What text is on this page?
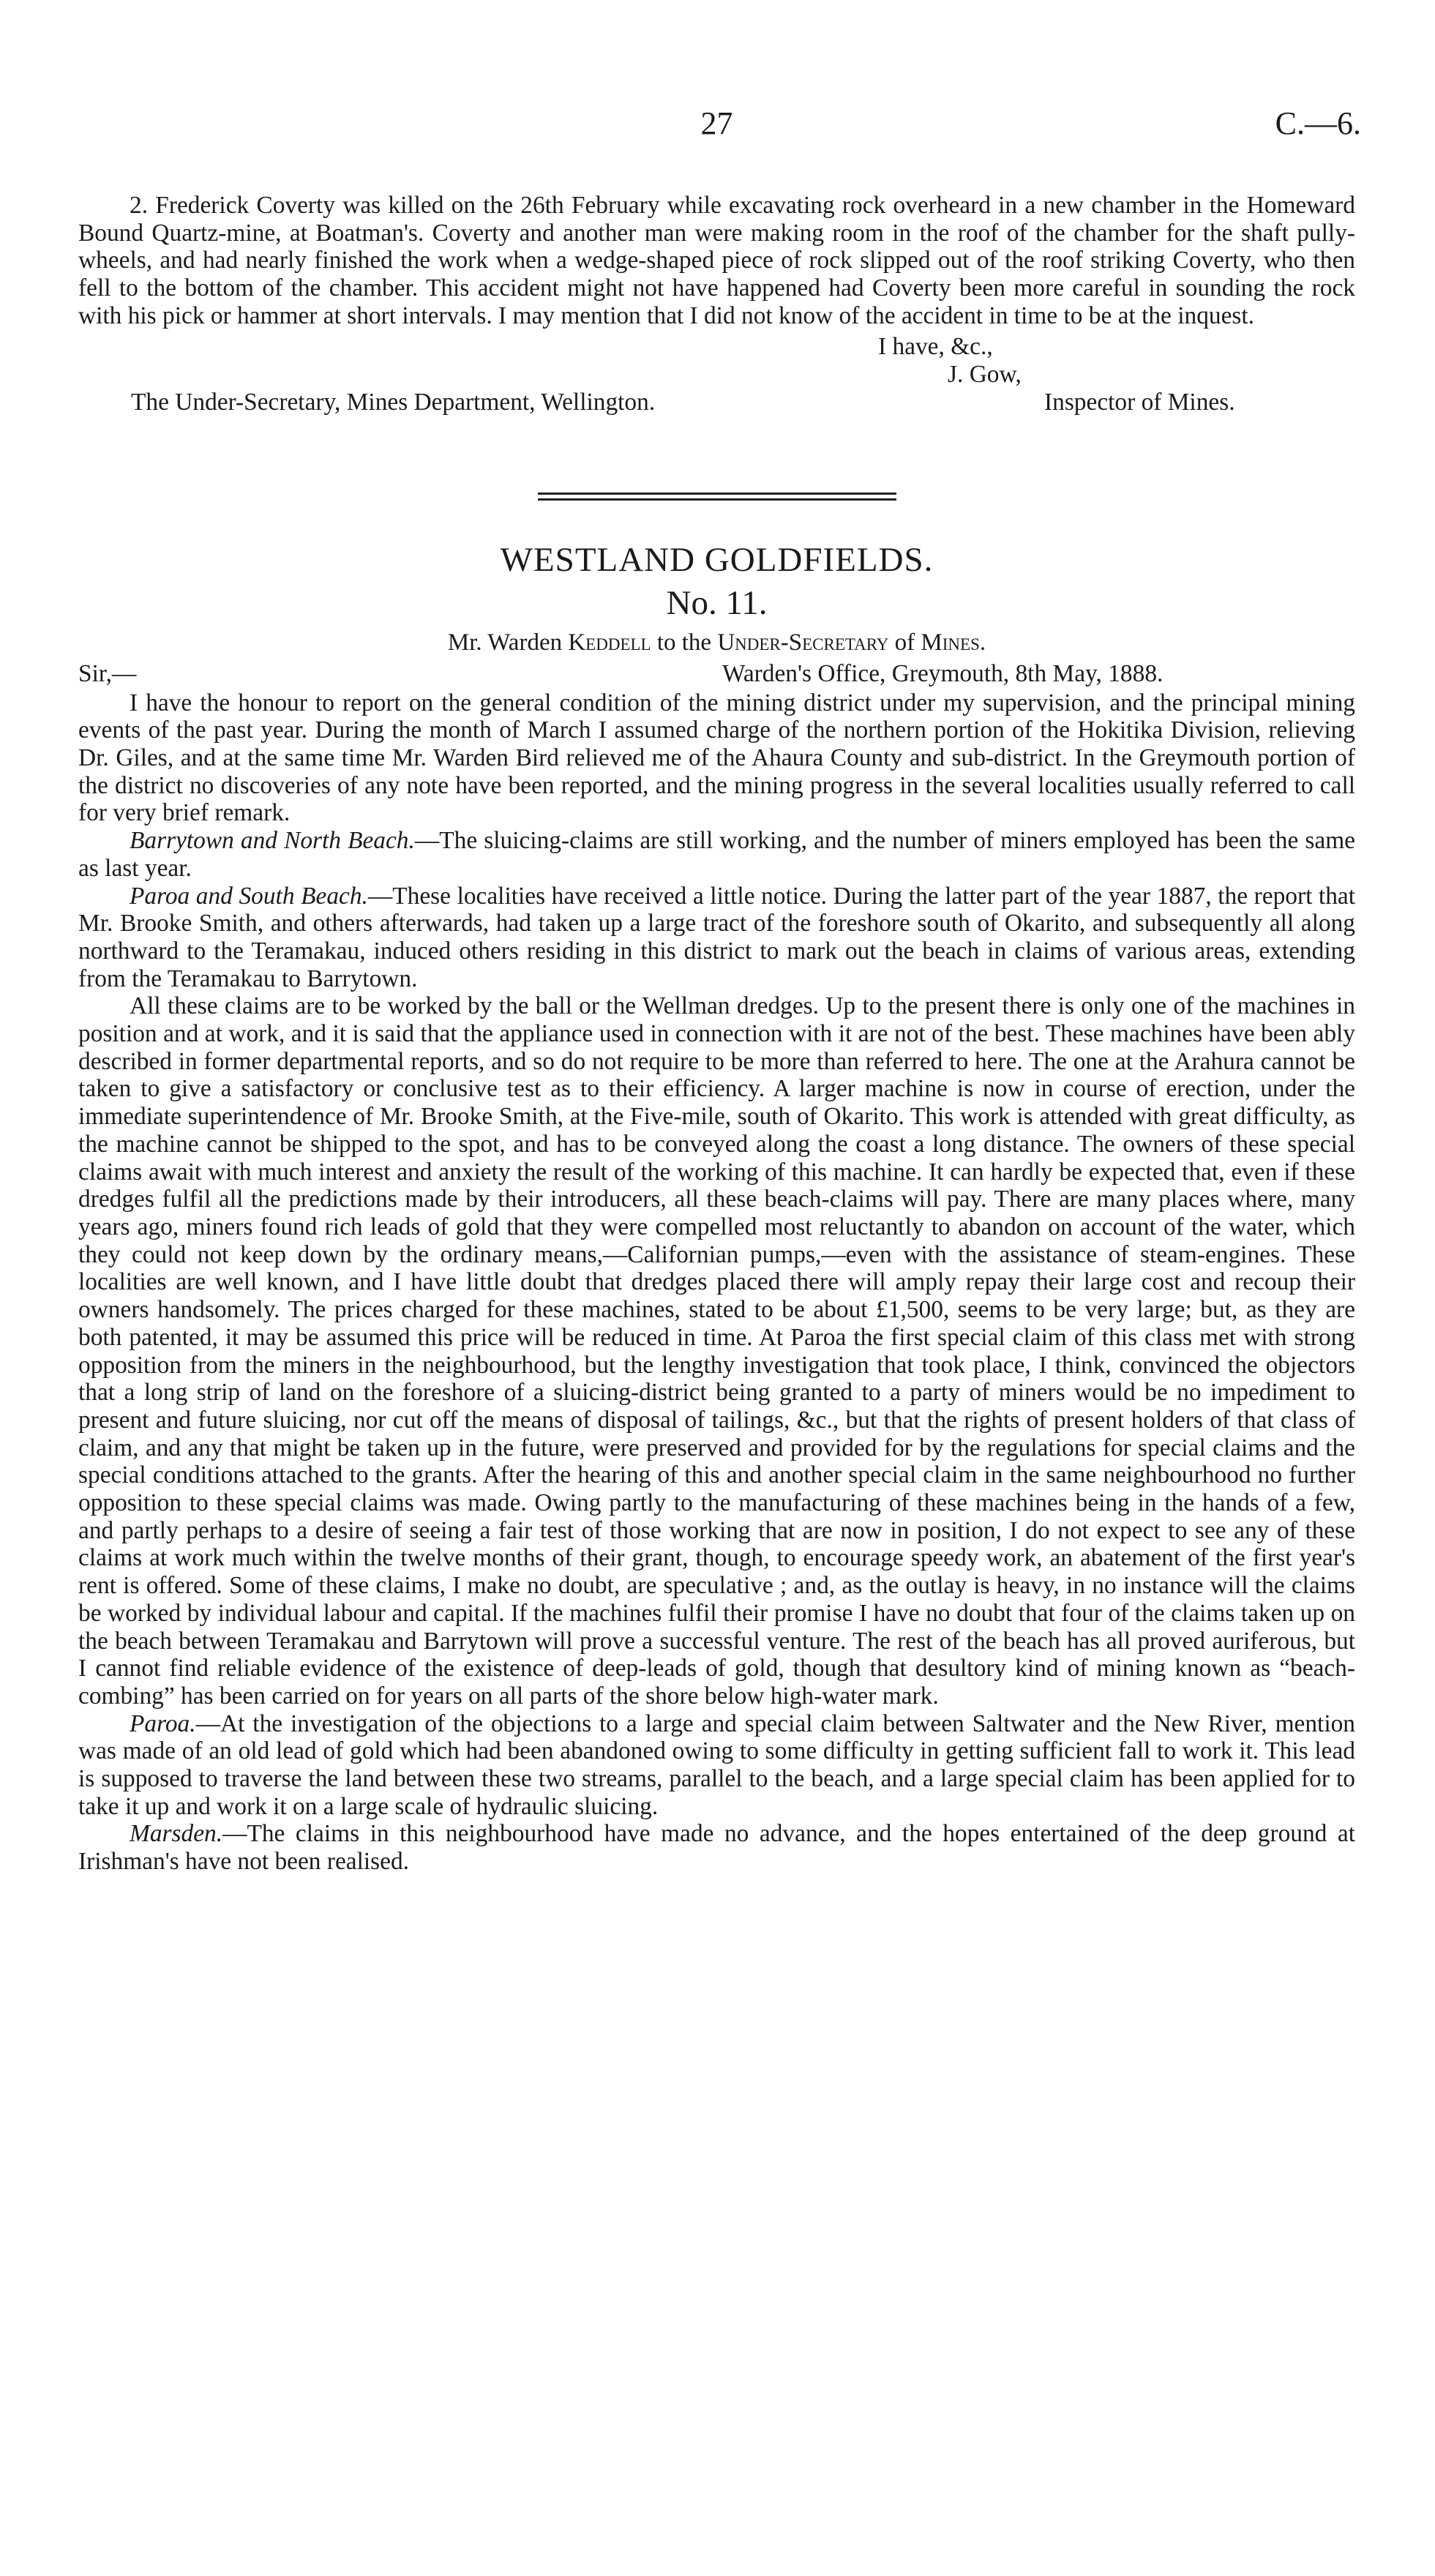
27	C.—6.

2. Frederick Coverty was killed on the 26th February while excavating rock overheard in a new chamber in the Homeward Bound Quartz-mine, at Boatman's. Coverty and another man were making room in the roof of the chamber for the shaft pully-wheels, and had nearly finished the work when a wedge-shaped piece of rock slipped out of the roof striking Coverty, who then fell to the bottom of the chamber. This accident might not have happened had Coverty been more careful in sounding the rock with his pick or hammer at short intervals. I may mention that I did not know of the accident in time to be at the inquest.

I have, &c.,
J. Gow,
The Under-Secretary, Mines Department, Wellington.	Inspector of Mines.
WESTLAND GOLDFIELDS.
No. 11.
Mr. Warden Keddell to the Under-Secretary of Mines.
Sir,—	Warden's Office, Greymouth, 8th May, 1888.

I have the honour to report on the general condition of the mining district under my supervision, and the principal mining events of the past year. During the month of March I assumed charge of the northern portion of the Hokitika Division, relieving Dr. Giles, and at the same time Mr. Warden Bird relieved me of the Ahaura County and sub-district. In the Greymouth portion of the district no discoveries of any note have been reported, and the mining progress in the several localities usually referred to call for very brief remark.

Barrytown and North Beach.—The sluicing-claims are still working, and the number of miners employed has been the same as last year.

Paroa and South Beach.—These localities have received a little notice. During the latter part of the year 1887, the report that Mr. Brooke Smith, and others afterwards, had taken up a large tract of the foreshore south of Okarito, and subsequently all along northward to the Teramakau, induced others residing in this district to mark out the beach in claims of various areas, extending from the Teramakau to Barrytown.

All these claims are to be worked by the ball or the Wellman dredges. Up to the present there is only one of the machines in position and at work, and it is said that the appliance used in connection with it are not of the best. These machines have been ably described in former departmental reports, and so do not require to be more than referred to here. The one at the Arahura cannot be taken to give a satisfactory or conclusive test as to their efficiency. A larger machine is now in course of erection, under the immediate superintendence of Mr. Brooke Smith, at the Five-mile, south of Okarito. This work is attended with great difficulty, as the machine cannot be shipped to the spot, and has to be conveyed along the coast a long distance. The owners of these special claims await with much interest and anxiety the result of the working of this machine. It can hardly be expected that, even if these dredges fulfil all the predictions made by their introducers, all these beach-claims will pay. There are many places where, many years ago, miners found rich leads of gold that they were compelled most reluctantly to abandon on account of the water, which they could not keep down by the ordinary means,—Californian pumps,—even with the assistance of steam-engines. These localities are well known, and I have little doubt that dredges placed there will amply repay their large cost and recoup their owners handsomely. The prices charged for these machines, stated to be about £1,500, seems to be very large; but, as they are both patented, it may be assumed this price will be reduced in time. At Paroa the first special claim of this class met with strong opposition from the miners in the neighbourhood, but the lengthy investigation that took place, I think, convinced the objectors that a long strip of land on the foreshore of a sluicing-district being granted to a party of miners would be no impediment to present and future sluicing, nor cut off the means of disposal of tailings, &c., but that the rights of present holders of that class of claim, and any that might be taken up in the future, were preserved and provided for by the regulations for special claims and the special conditions attached to the grants. After the hearing of this and another special claim in the same neighbourhood no further opposition to these special claims was made. Owing partly to the manufacturing of these machines being in the hands of a few, and partly perhaps to a desire of seeing a fair test of those working that are now in position, I do not expect to see any of these claims at work much within the twelve months of their grant, though, to encourage speedy work, an abatement of the first year's rent is offered. Some of these claims, I make no doubt, are speculative ; and, as the outlay is heavy, in no instance will the claims be worked by individual labour and capital. If the machines fulfil their promise I have no doubt that four of the claims taken up on the beach between Teramakau and Barrytown will prove a successful venture. The rest of the beach has all proved auriferous, but I cannot find reliable evidence of the existence of deep-leads of gold, though that desultory kind of mining known as “beach-combing” has been carried on for years on all parts of the shore below high-water mark.

Paroa.—At the investigation of the objections to a large and special claim between Saltwater and the New River, mention was made of an old lead of gold which had been abandoned owing to some difficulty in getting sufficient fall to work it. This lead is supposed to traverse the land between these two streams, parallel to the beach, and a large special claim has been applied for to take it up and work it on a large scale of hydraulic sluicing.

Marsden.—The claims in this neighbourhood have made no advance, and the hopes entertained of the deep ground at Irishman's have not been realised.
